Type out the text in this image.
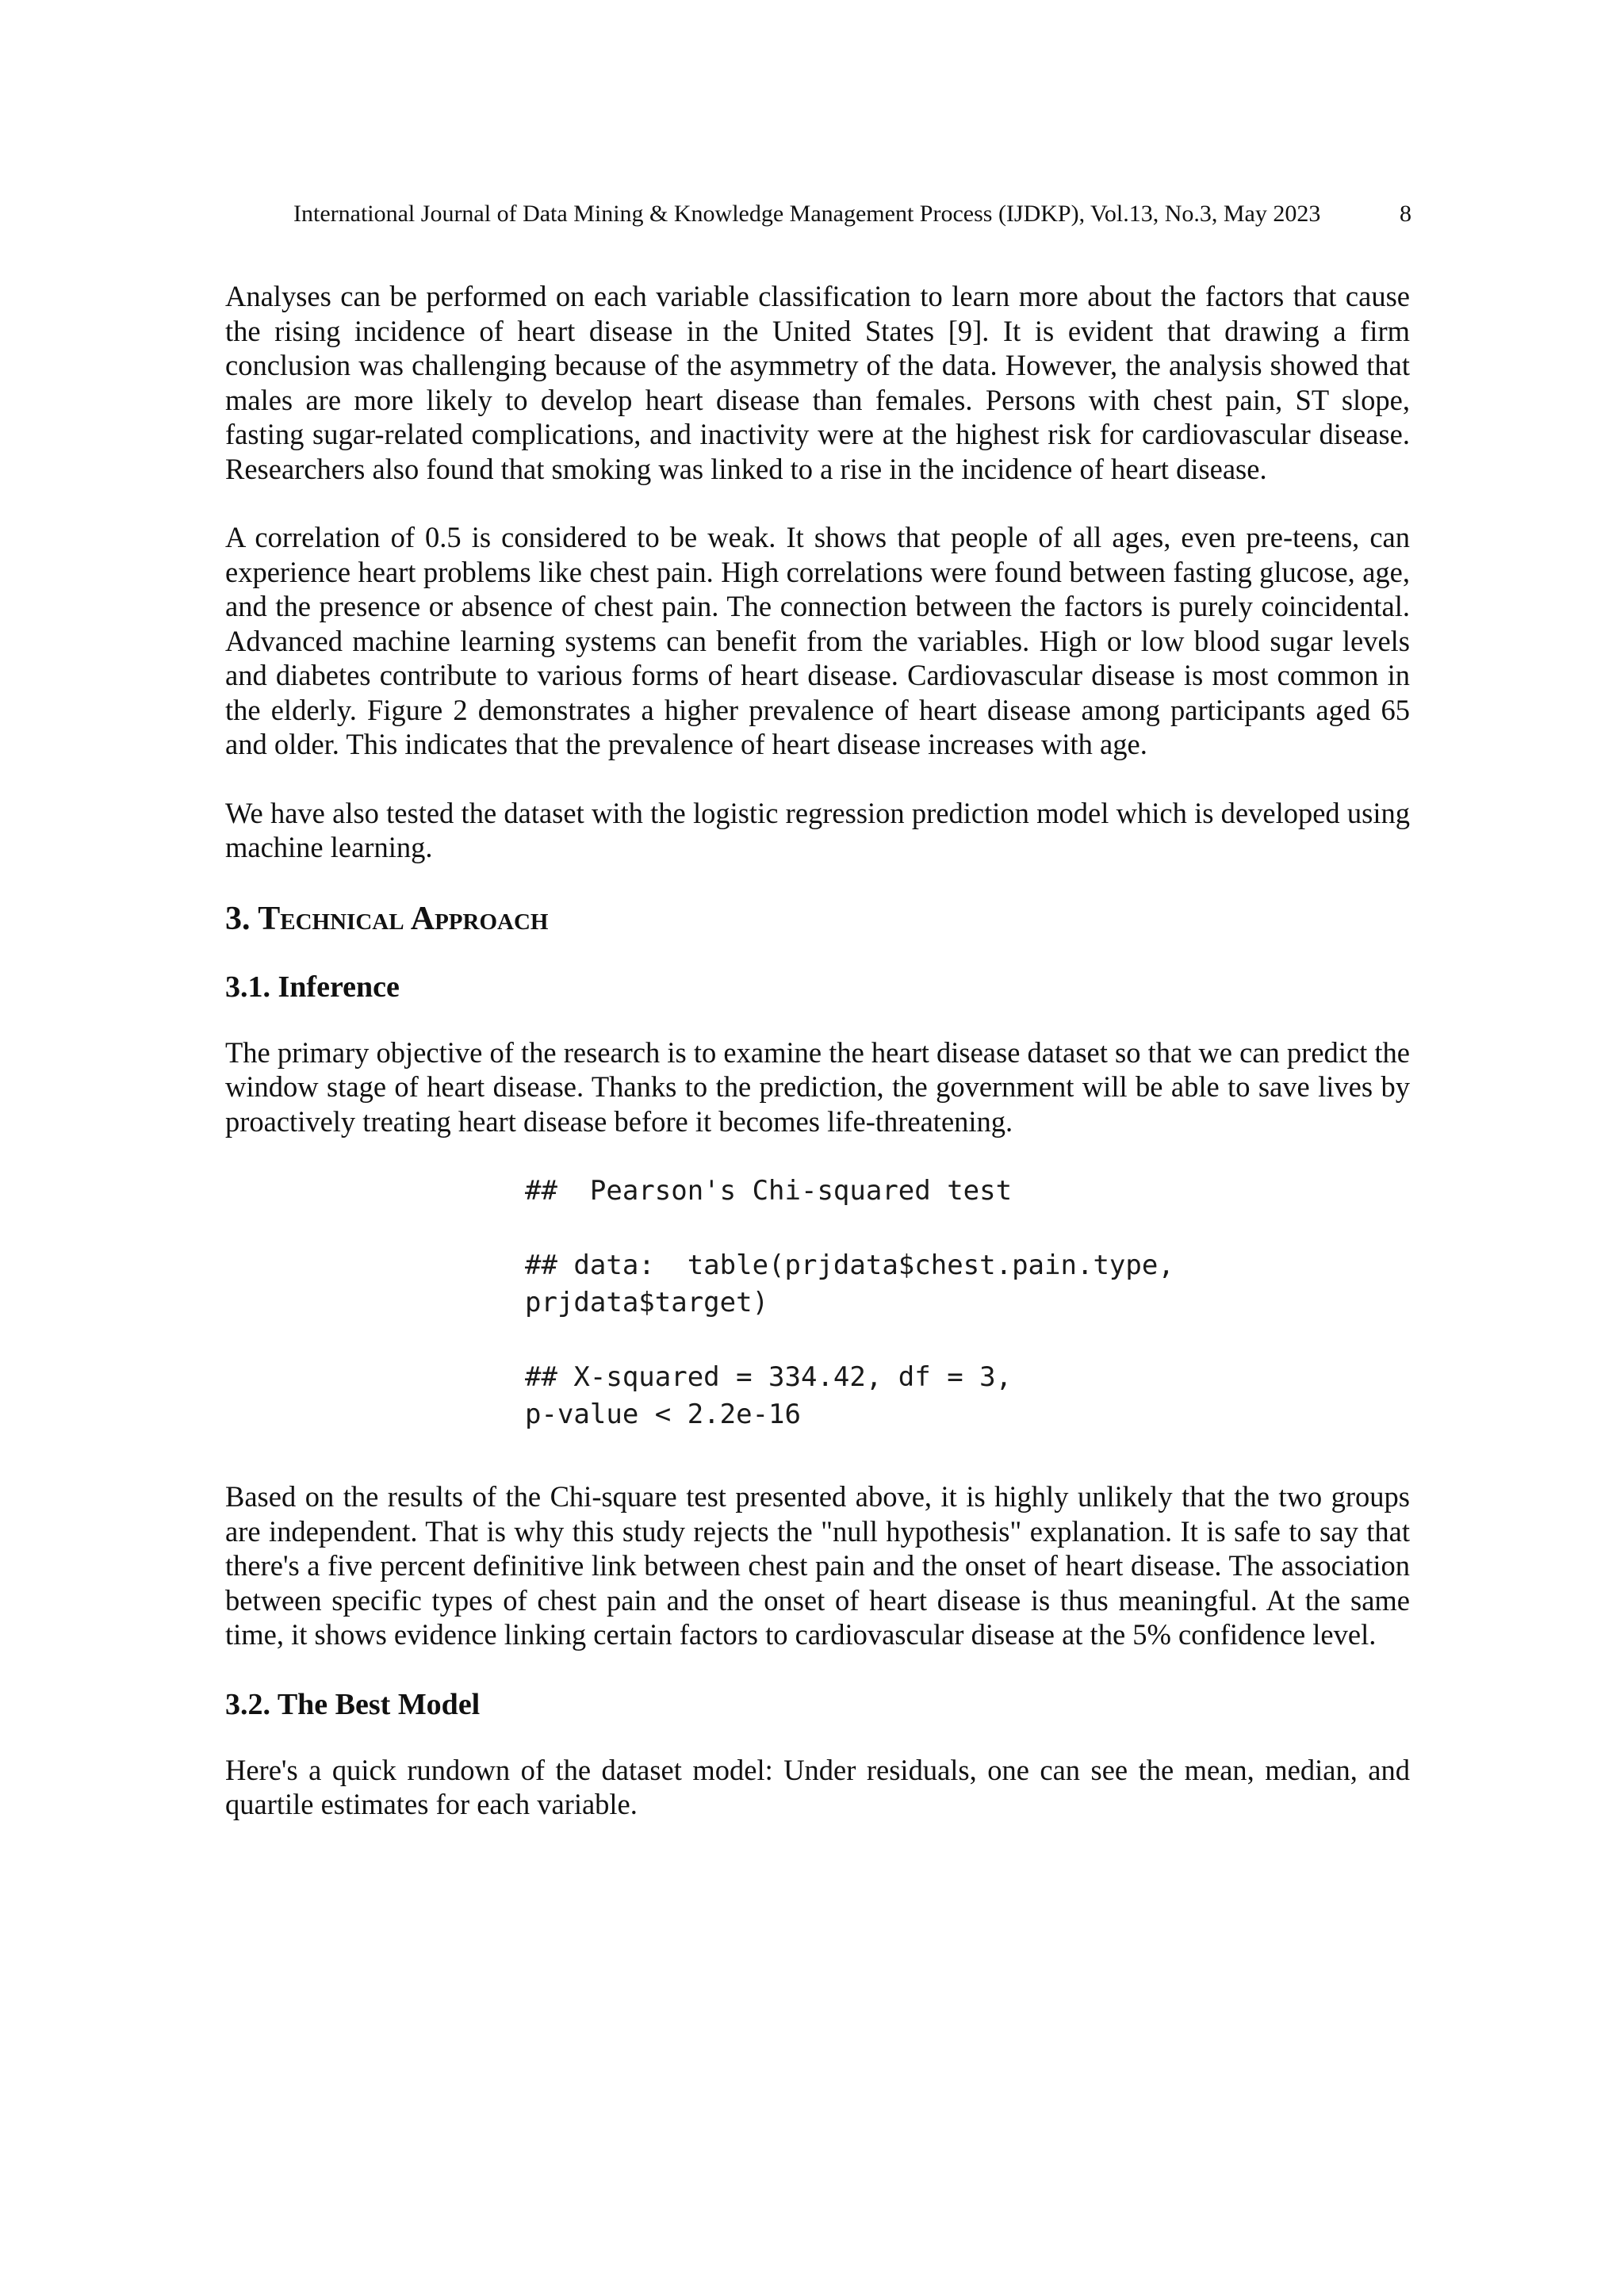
International Journal of Data Mining & Knowledge Management Process (IJDKP), Vol.13, No.3, May 2023	8

Analyses can be performed on each variable classification to learn more about the factors that cause the rising incidence of heart disease in the United States [9]. It is evident that drawing a firm conclusion was challenging because of the asymmetry of the data. However, the analysis showed that males are more likely to develop heart disease than females. Persons with chest pain, ST slope, fasting sugar-related complications, and inactivity were at the highest risk for cardiovascular disease. Researchers also found that smoking was linked to a rise in the incidence of heart disease.

A correlation of 0.5 is considered to be weak. It shows that people of all ages, even pre-teens, can experience heart problems like chest pain. High correlations were found between fasting glucose, age, and the presence or absence of chest pain. The connection between the factors is purely coincidental. Advanced machine learning systems can benefit from the variables. High or low blood sugar levels and diabetes contribute to various forms of heart disease. Cardiovascular disease is most common in the elderly. Figure 2 demonstrates a higher prevalence of heart disease among participants aged 65 and older. This indicates that the prevalence of heart disease increases with age.

We have also tested the dataset with the logistic regression prediction model which is developed using machine learning.

3. Technical Approach
3.1. Inference

The primary objective of the research is to examine the heart disease dataset so that we can predict the window stage of heart disease. Thanks to the prediction, the government will be able to save lives by proactively treating heart disease before it becomes life-threatening.

##  Pearson's Chi-squared test

## data:  table(prjdata$chest.pain.type,
prjdata$target)

## X-squared = 334.42, df = 3,
p-value < 2.2e-16

Based on the results of the Chi-square test presented above, it is highly unlikely that the two groups are independent. That is why this study rejects the "null hypothesis" explanation. It is safe to say that there's a five percent definitive link between chest pain and the onset of heart disease. The association between specific types of chest pain and the onset of heart disease is thus meaningful. At the same time, it shows evidence linking certain factors to cardiovascular disease at the 5% confidence level.

3.2. The Best Model

Here's a quick rundown of the dataset model: Under residuals, one can see the mean, median, and quartile estimates for each variable.
